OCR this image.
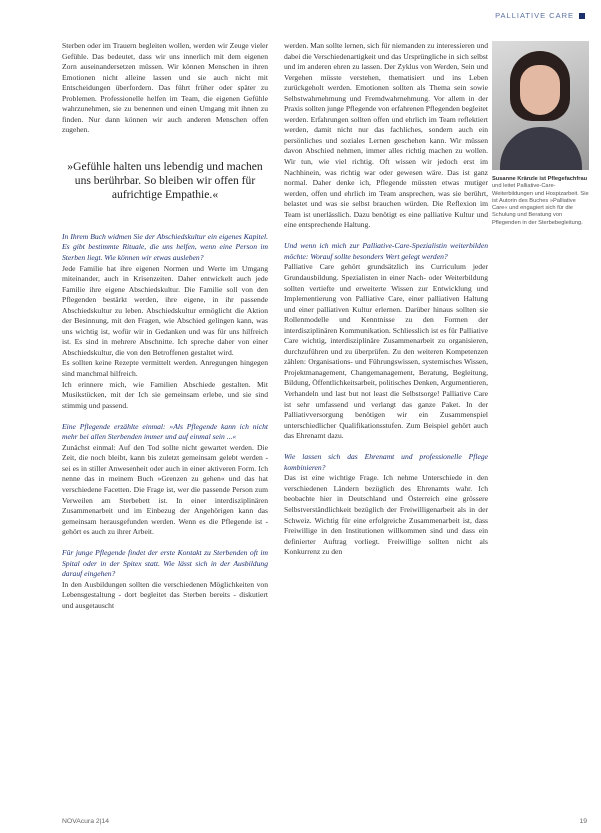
PALLIATIVE CARE

Sterben oder im Trauern begleiten wollen, werden wir Zeuge vieler Gefühle. Das bedeutet, dass wir uns innerlich mit dem eigenen Zorn auseinandersetzen müssen. Wir können Menschen in ihren Emotionen nicht alleine lassen und sie auch nicht mit Entscheidungen überfordern. Das führt früher oder später zu Problemen. Professionelle helfen im Team, die eigenen Gefühle wahrzunehmen, sie zu benennen und einen Umgang mit ihnen zu finden. Nur dann können wir auch anderen Menschen offen zugehen.

»Gefühle halten uns lebendig und machen uns berührbar. So bleiben wir offen für aufrichtige Empathie.«

In Ihrem Buch widmen Sie der Abschiedskultur ein eigenes Kapitel. Es gibt bestimmte Rituale, die uns helfen, wenn eine Person im Sterben liegt. Wie können wir etwas ausleben?

Jede Familie hat ihre eigenen Normen und Werte im Umgang miteinander, auch in Krisenzeiten. Daher entwickelt auch jede Familie ihre eigene Abschiedskultur. Die Familie soll von den Pflegenden bestärkt werden, ihre eigene, in ihr passende Abschiedskultur zu leben. Abschiedskultur ermöglicht die Aktion der Besinnung, mit den Fragen, wie Abschied gelingen kann, was uns wichtig ist, wofür wir in Gedanken und was für uns hilfreich ist. Es sind in mehrere Abschnitte. Ich spreche daher von einer Abschiedskultur, die von den Betroffenen gestaltet wird.

Es sollten keine Rezepte vermittelt werden. Anregungen hingegen sind manchmal hilfreich.

Ich erinnere mich, wie Familien Abschiede gestalten. Mit Musikstücken, mit der Ich sie gemeinsam erlebe, und sie sind stimmig und passend.

Eine Pflegende erzählte einmal: »Als Pflegende kann ich nicht mehr bei allen Sterbenden immer und auf einmal sein ...«

Zunächst einmal: Auf den Tod sollte nicht gewartet werden. Die Zeit, die noch bleibt, kann bis zuletzt gemeinsam gelebt werden - sei es in stiller Anwesenheit oder auch in einer aktiveren Form. Ich nenne das in meinem Buch »Grenzen zu gehen« und das hat verschiedene Facetten. Die Frage ist, wer die passende Person zum Verweilen am Sterbebett ist. In einer interdisziplinären Zusammenarbeit und im Einbezug der Angehörigen kann das gemeinsam herausgefunden werden. Wenn es die Pflegende ist - gehört es auch zu ihrer Arbeit.

Für junge Pflegende findet der erste Kontakt zu Sterbenden oft im Spital oder in der Spitex statt. Wie lässt sich in der Ausbildung darauf eingehen?

In den Ausbildungen sollten die verschiedenen Möglichkeiten von Lebensgestaltung - dort begleitet das Sterben bereits - diskutiert und ausgetauscht

werden. Man sollte lernen, sich für niemanden zu interessieren und dabei die Verschiedenartigkeit und das Ursprüngliche in sich selbst und im anderen ehren zu lassen. Der Zyklus von Werden, Sein und Vergehen müsste verstehen, thematisiert und ins Leben zurückgeholt werden. Emotionen sollten als Thema sein sowie Selbstwahrnehmung und Fremdwahrnehmung. Vor allem in der Praxis sollten junge Pflegende von erfahrenen Pflegenden begleitet werden. Erfahrungen sollten offen und ehrlich im Team reflektiert werden, damit nicht nur das fachliches, sondern auch ein persönliches und soziales Lernen geschehen kann. Wir müssen davon Abschied nehmen, immer alles richtig machen zu wollen. Wir tun, wie viel richtig. Oft wissen wir jedoch erst im Nachhinein, was richtig war oder gewesen wäre. Das ist ganz normal. Daher denke ich, Pflegende müssten etwas mutiger werden, offen und ehrlich im Team ansprechen, was sie berührt, belastet und was sie selbst brauchen würden. Die Reflexion im Team ist unerlässlich. Dazu benötigt es eine palliative Kultur und eine entsprechende Haltung.

Und wenn ich mich zur Palliative-Care-Spezialistin weiterbilden möchte: Worauf sollte besonders Wert gelegt werden?

Palliative Care gehört grundsätzlich ins Curriculum jeder Grundausbildung. Spezialisten in einer Nach- oder Weiterbildung sollten vertiefte und erweiterte Wissen zur Entwicklung und Implementierung von Palliative Care, einer palliativen Haltung und einer palliativen Kultur erlernen. Darüber hinaus sollten sie Rollenmodelle und Kenntnisse zu den Formen der interdisziplinären Kommunikation. Schliesslich ist es für Palliative Care wichtig, interdisziplinäre Zusammenarbeit zu organisieren, durchzuführen und zu überprüfen. Zu den weiteren Kompetenzen zählen: Organisations- und Führungswissen, systemisches Wissen, Projektmanagement, Changemanagement, Beratung, Begleitung, Bildung, Öffentlichkeitsarbeit, politisches Denken, Argumentieren, Verhandeln und last but not least die Selbstsorge! Palliative Care ist sehr umfassend und verlangt das ganze Paket. In der Palliativversorgung benötigen wir ein Zusammenspiel unterschiedlicher Qualifikationsstufen. Zum Beispiel gehört auch das Ehrenamt dazu.

Wie lassen sich das Ehrenamt und professionelle Pflege kombinieren?

Das ist eine wichtige Frage. Ich nehme Unterschiede in den verschiedenen Ländern bezüglich des Ehrenamts wahr. Ich beobachte hier in Deutschland und Österreich eine grössere Selbstverständlichkeit bezüglich der Freiwilligenarbeit als in der Schweiz. Wichtig für eine erfolgreiche Zusammenarbeit ist, dass Freiwillige in den Institutionen willkommen sind und dass ein definierter Auftrag vorliegt. Freiwillige sollten nicht als Konkurrenz zu den

Susanne Kränzle ist Pflegefachfrau und leitet Palliative-Care-Weiterbildungen und Hospizarbeit. Sie ist Autorin des Buches »Palliative Care« und engagiert sich für die Schulung und Beratung von Pflegenden in der Sterbebegleitung.
NOVAcura 2|14	19
